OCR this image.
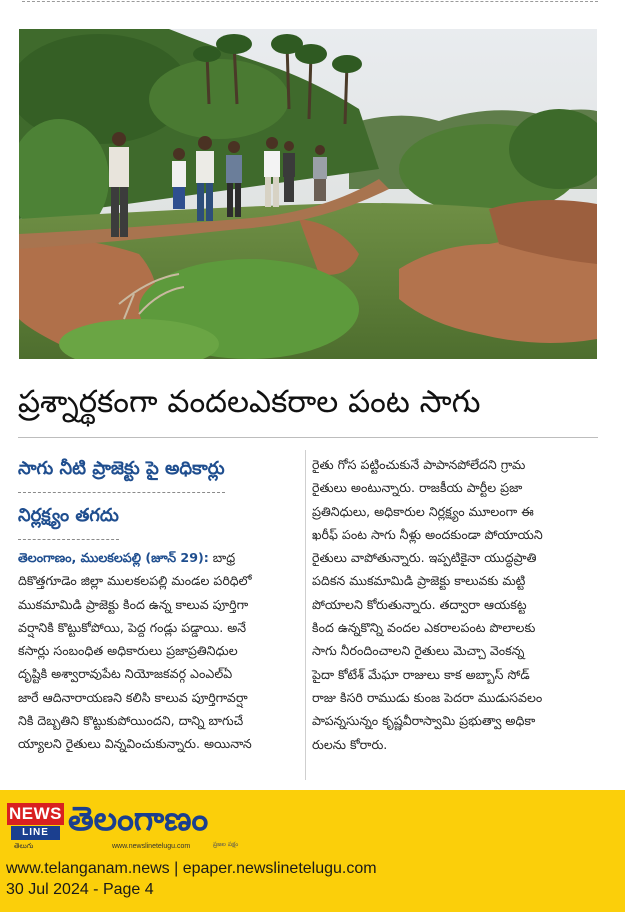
ప్రశ్నార్థకంగా వందలఎకరాల పంట సాగు
సాగు నీటి ప్రాజెక్టు పై అధికార్లు
నిర్లక్ష్యం తగదు
తెలంగాణం, ములకలపల్లి (జూన్ 29): బాధ్ర
దికొత్తగూడెం జిల్లా ములకలపల్లి మండల పరిధిలో
ముకమామిడి ప్రాజెక్టు కింద ఉన్న కాలువ పూర్తిగా
వర్షానికి కొట్టుకోపోయి, పెద్ద గండ్లు పడ్డాయి. అనే
కసార్లు సంబంధిత అధికారులు ప్రజాప్రతినిధుల
దృష్టికి అశ్వారావుపేట నియోజకవర్గ ఎంఎల్ఏ
జారే ఆదినారాయణని కలిసి కాలువ పూర్తిగావర్షా
నికి దెబ్బతిని కొట్టుకుపోయిందని, దాన్ని బాగుచే
య్యాలని రైతులు విన్నవించుకున్నారు. అయినాన
రైతు గోస పట్టించుకునే పాపానపోలేదని గ్రామ
రైతులు అంటున్నారు. రాజకీయ పార్టీల ప్రజా
ప్రతినిధులు, అధికారుల నిర్లక్ష్యం మూలంగా ఈ
ఖరీఫ్ పంట సాగు నీళ్లు అందకుండా పోయాయని
రైతులు వాపోతున్నారు. ఇప్పటికైనా యుద్ధప్రాతి
పదికన ముకమామిడి ప్రాజెక్టు కాలువకు మట్టి
పోయాలని కోరుతున్నారు. తద్వారా ఆయకట్ట
కింద ఉన్నకొన్ని వందల ఎకరాలపంట పొలాలకు
సాగు నీరందించాలని రైతులు మెచ్చా వెంకన్న
పైదా కోటేశ్ మేఘా రాజులు కాక అబ్బాస్ సోడ్
రాజు కిసరి రాముడు కుంజ పెదరా ముడుసవలం
పాపన్నసున్నం కృష్ణవీరాస్వామి ప్రభుత్వా అధికా
రులను కోరారు.
NEWS
LINE
తెలుగు
తెలంగాణం
www.newslinetelugu.com	ప్రజల పక్షం
www.telanganam.news | epaper.newslinetelugu.com
30 Jul 2024 - Page 4
